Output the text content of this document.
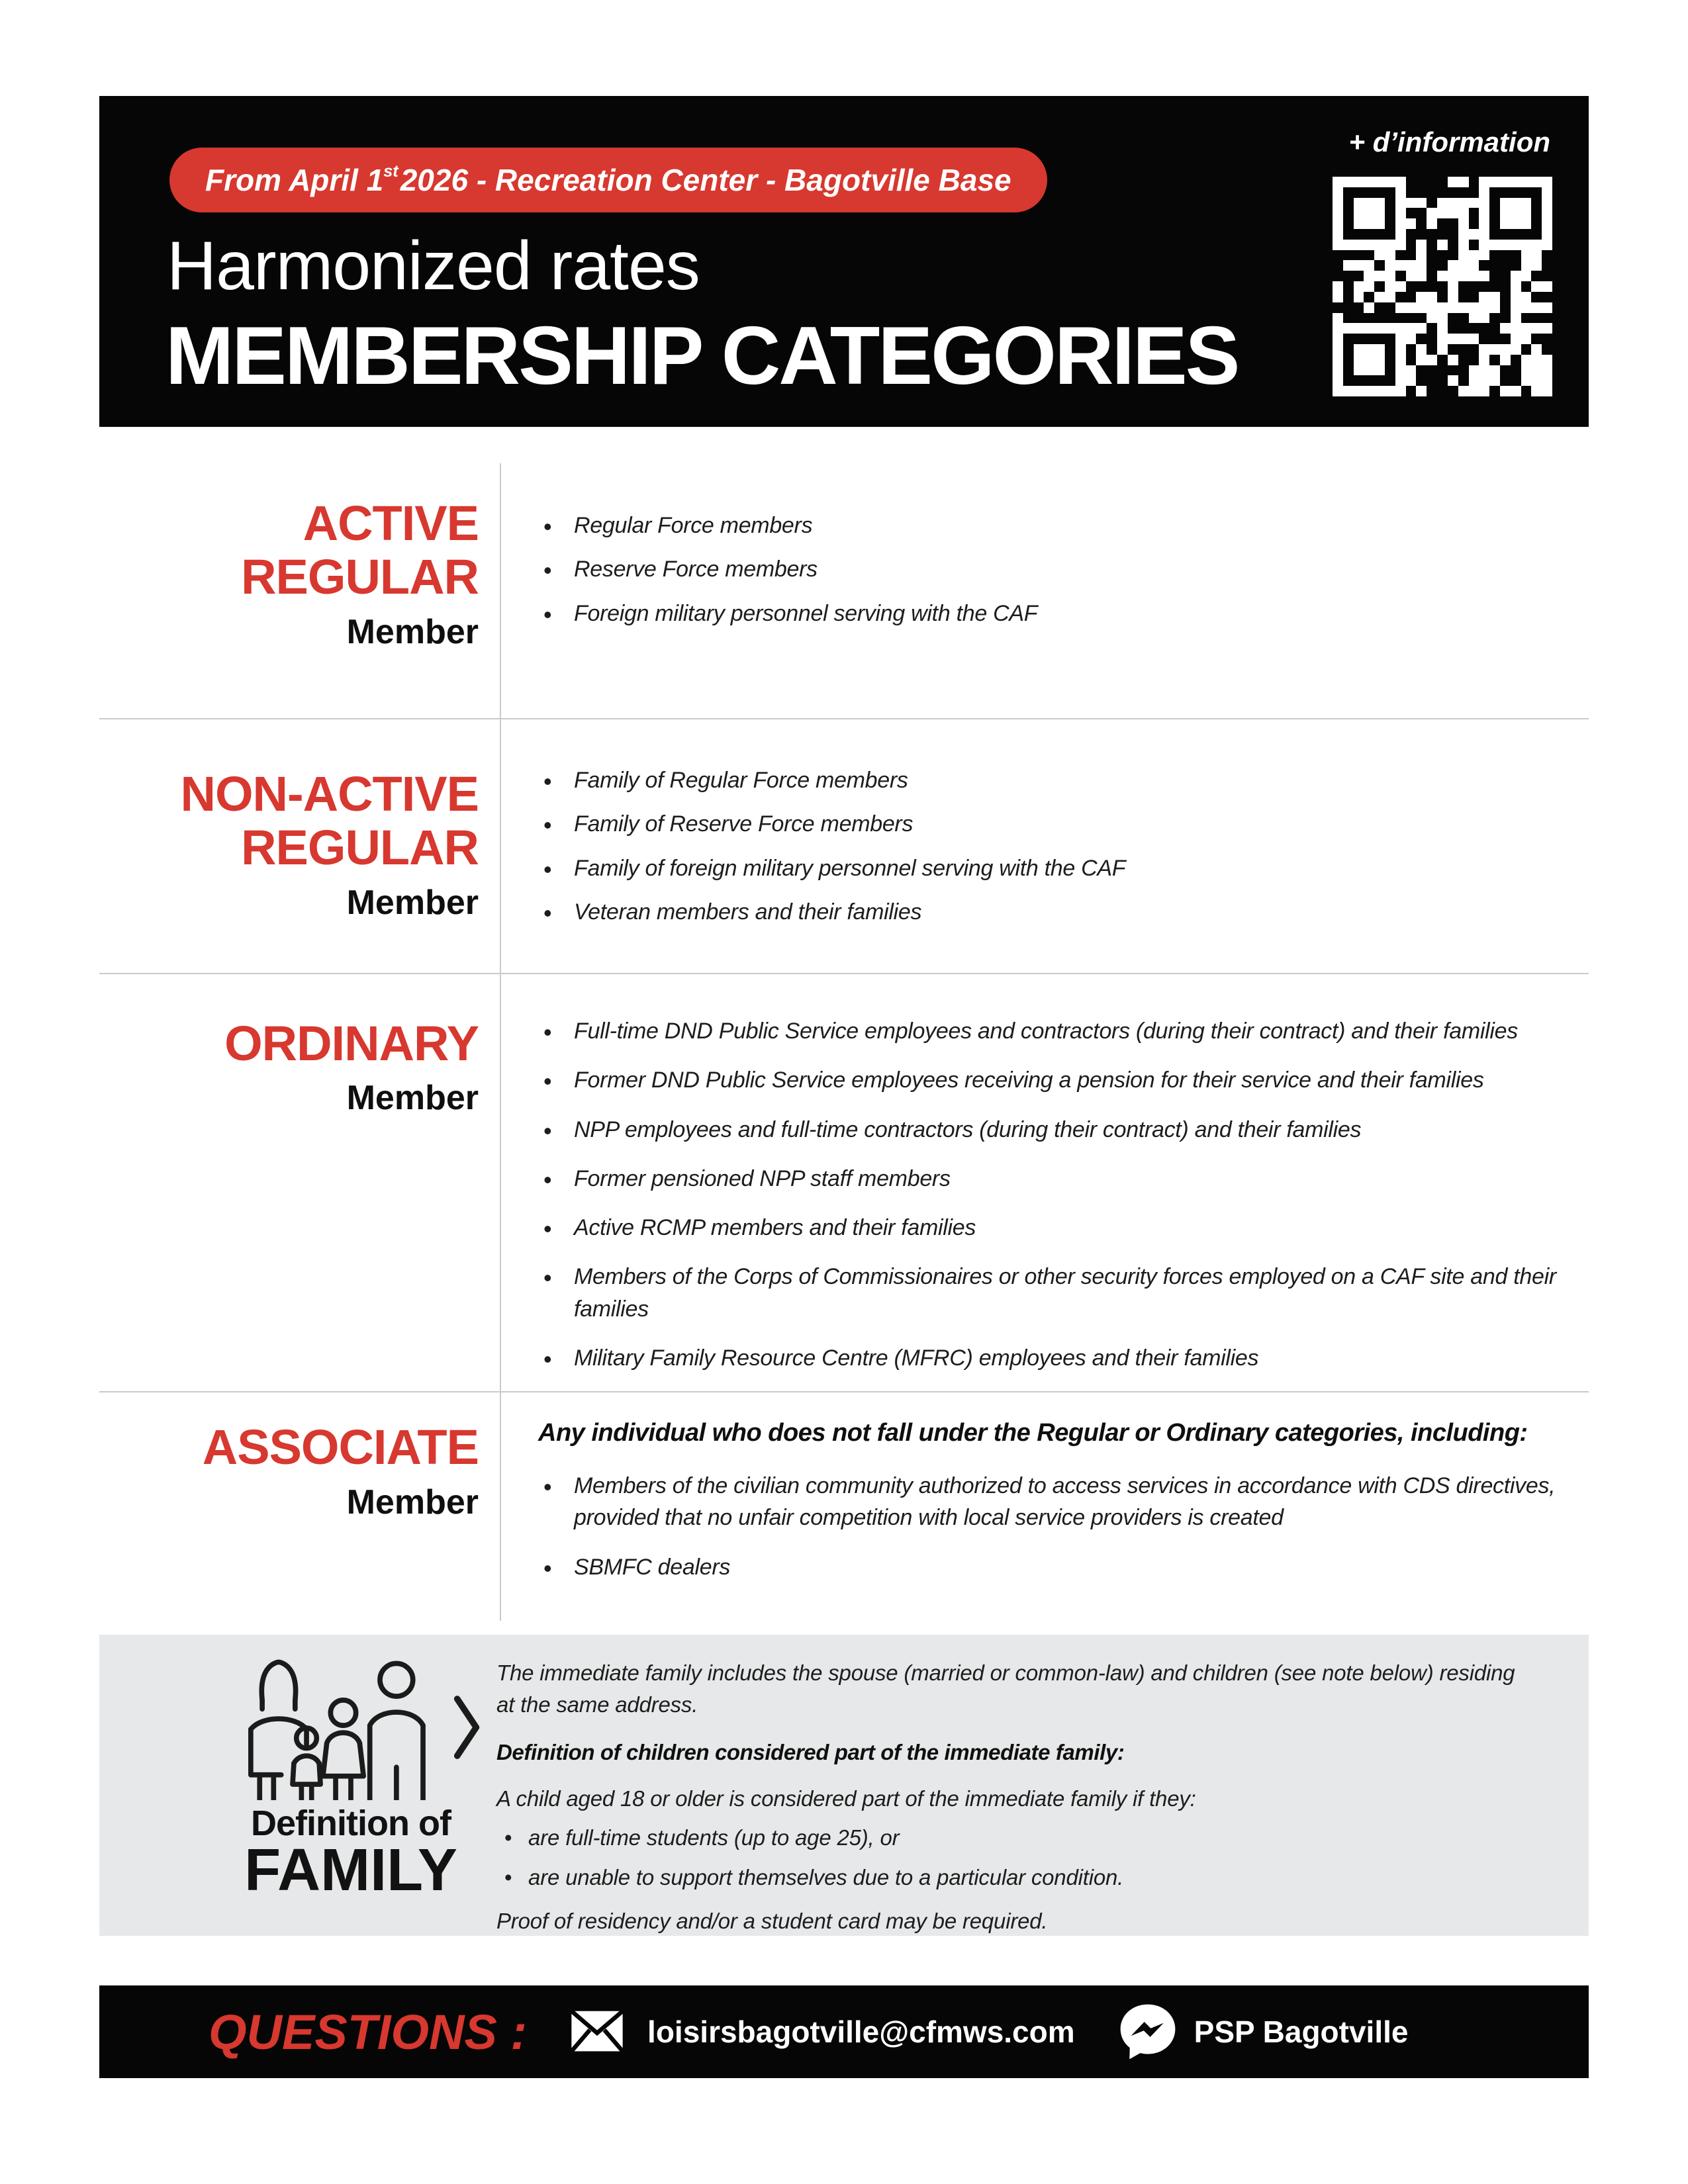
From April 1 st 2026 - Recreation Center - Bagotville Base
Harmonized rates
MEMBERSHIP CATEGORIES
+ d’information
ACTIVE
REGULAR
Member
• Regular Force members
• Reserve Force members
• Foreign military personnel serving with the CAF
NON-ACTIVE
REGULAR
Member
• Family of Regular Force members
• Family of Reserve Force members
• Family of foreign military personnel serving with the CAF
• Veteran members and their families
ORDINARY
Member
• Full-time DND Public Service employees and contractors (during their contract) and their families
• Former DND Public Service employees receiving a pension for their service and their families
• NPP employees and full-time contractors (during their contract) and their families
• Former pensioned NPP staff members
• Active RCMP members and their families
• Members of the Corps of Commissionaires or other security forces employed on a CAF site and their families
• Military Family Resource Centre (MFRC) employees and their families
ASSOCIATE
Member

Any individual who does not fall under the Regular or Ordinary categories, including:

• Members of the civilian community authorized to access services in accordance with CDS directives, provided that no unfair competition with local service providers is created
• SBMFC dealers
Definition of
FAMILY

The immediate family includes the spouse (married or common-law) and children (see note below) residing at the same address.

Definition of children considered part of the immediate family:

A child aged 18 or older is considered part of the immediate family if they:

• are full-time students (up to age 25), or
• are unable to support themselves due to a particular condition.

Proof of residency and/or a student card may be required.

QUESTIONS :	loisirsbagotville@cfmws.com	PSP Bagotville
